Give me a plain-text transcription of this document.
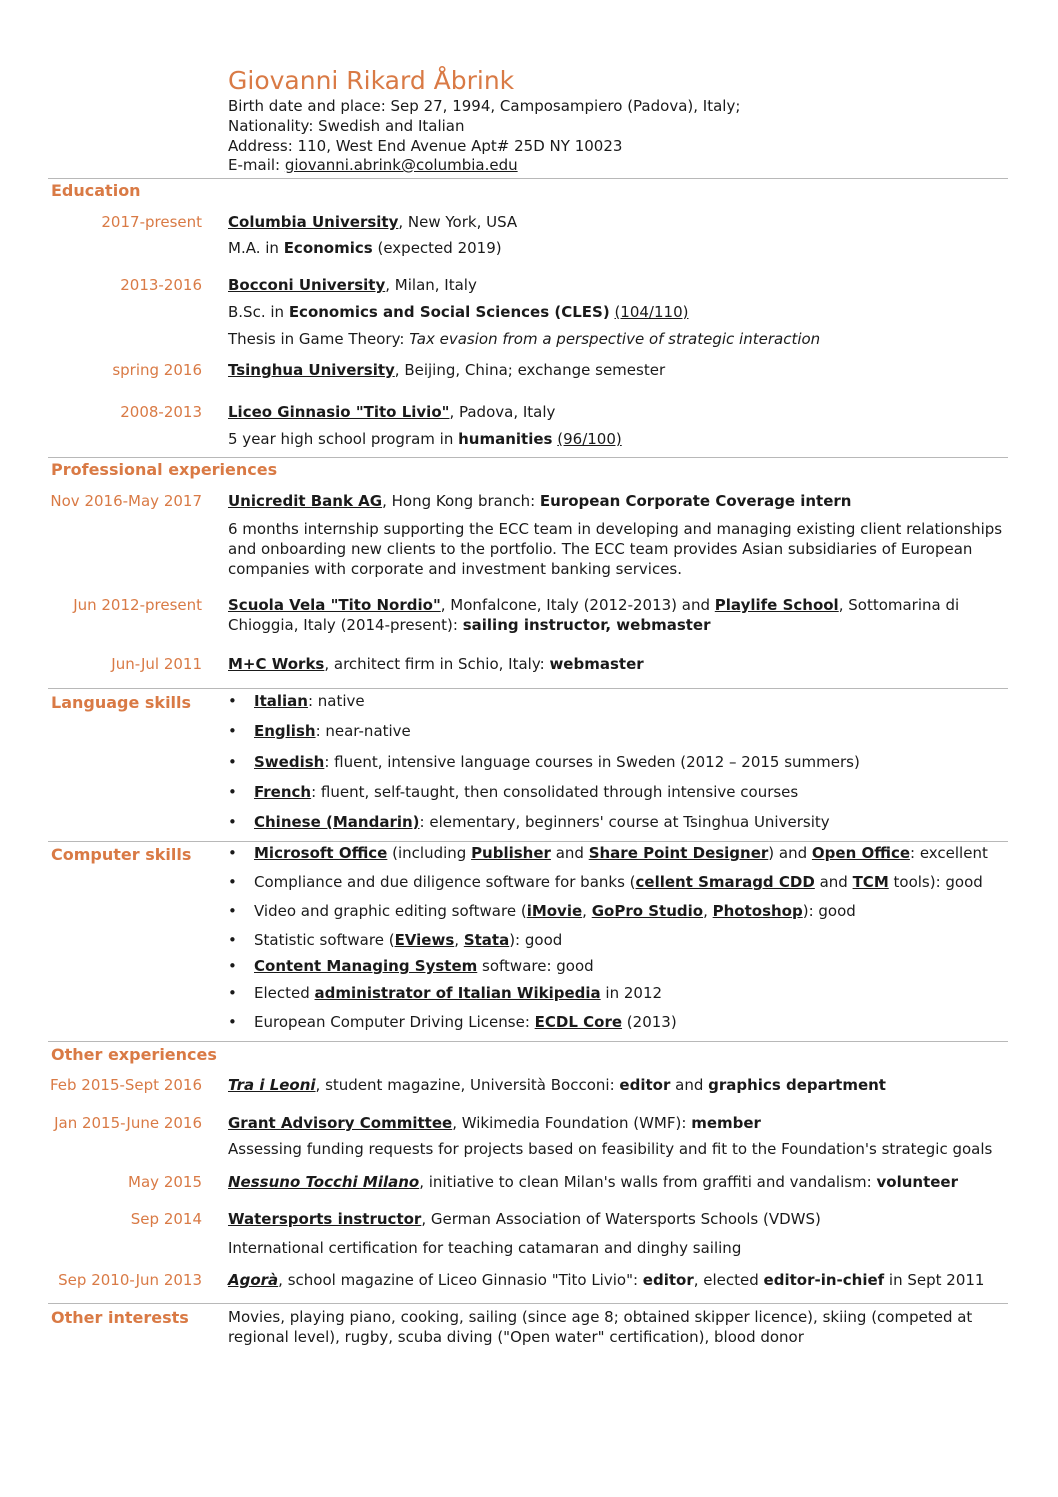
Giovanni Rikard Åbrink
Birth date and place: Sep 27, 1994, Camposampiero (Padova), Italy;
Nationality: Swedish and Italian
Address: 110, West End Avenue Apt# 25D NY 10023
E-mail: giovanni.abrink@columbia.edu
Education
2017-present Columbia University, New York, USA
M.A. in Economics (expected 2019)
2013-2016 Bocconi University, Milan, Italy
B.Sc. in Economics and Social Sciences (CLES) (104/110)
Thesis in Game Theory: Tax evasion from a perspective of strategic interaction
spring 2016 Tsinghua University, Beijing, China; exchange semester
2008-2013 Liceo Ginnasio "Tito Livio", Padova, Italy
5 year high school program in humanities (96/100)
Professional experiences
Nov 2016-May 2017 Unicredit Bank AG, Hong Kong branch: European Corporate Coverage intern
6 months internship supporting the ECC team in developing and managing existing client relationships and onboarding new clients to the portfolio. The ECC team provides Asian subsidiaries of European companies with corporate and investment banking services.
Jun 2012-present Scuola Vela "Tito Nordio", Monfalcone, Italy (2012-2013) and Playlife School, Sottomarina di
Chioggia, Italy (2014-present): sailing instructor, webmaster
Jun-Jul 2011 M+C Works, architect firm in Schio, Italy: webmaster
Language skills • Italian: native
• English: near-native
• Swedish: fluent, intensive language courses in Sweden (2012 – 2015 summers)
• French: fluent, self-taught, then consolidated through intensive courses
• Chinese (Mandarin): elementary, beginners' course at Tsinghua University
Computer skills • Microsoft Office (including Publisher and Share Point Designer) and Open Office: excellent
• Compliance and due diligence software for banks (cellent Smaragd CDD and TCM tools): good
• Video and graphic editing software (iMovie, GoPro Studio, Photoshop): good
• Statistic software (EViews, Stata): good
• Content Managing System software: good
• Elected administrator of Italian Wikipedia in 2012
• European Computer Driving License: ECDL Core (2013)
Other experiences
Feb 2015-Sept 2016 Tra i Leoni, student magazine, Università Bocconi: editor and graphics department
Jan 2015-June 2016 Grant Advisory Committee, Wikimedia Foundation (WMF): member
Assessing funding requests for projects based on feasibility and fit to the Foundation's strategic goals
May 2015 Nessuno Tocchi Milano, initiative to clean Milan's walls from graffiti and vandalism: volunteer
Sep 2014 Watersports instructor, German Association of Watersports Schools (VDWS)
International certification for teaching catamaran and dinghy sailing
Sep 2010-Jun 2013 Agorà, school magazine of Liceo Ginnasio "Tito Livio": editor, elected editor-in-chief in Sept 2011
Other interests	Movies, playing piano, cooking, sailing (since age 8; obtained skipper licence), skiing (competed at regional level), rugby, scuba diving ("Open water" certification), blood donor
